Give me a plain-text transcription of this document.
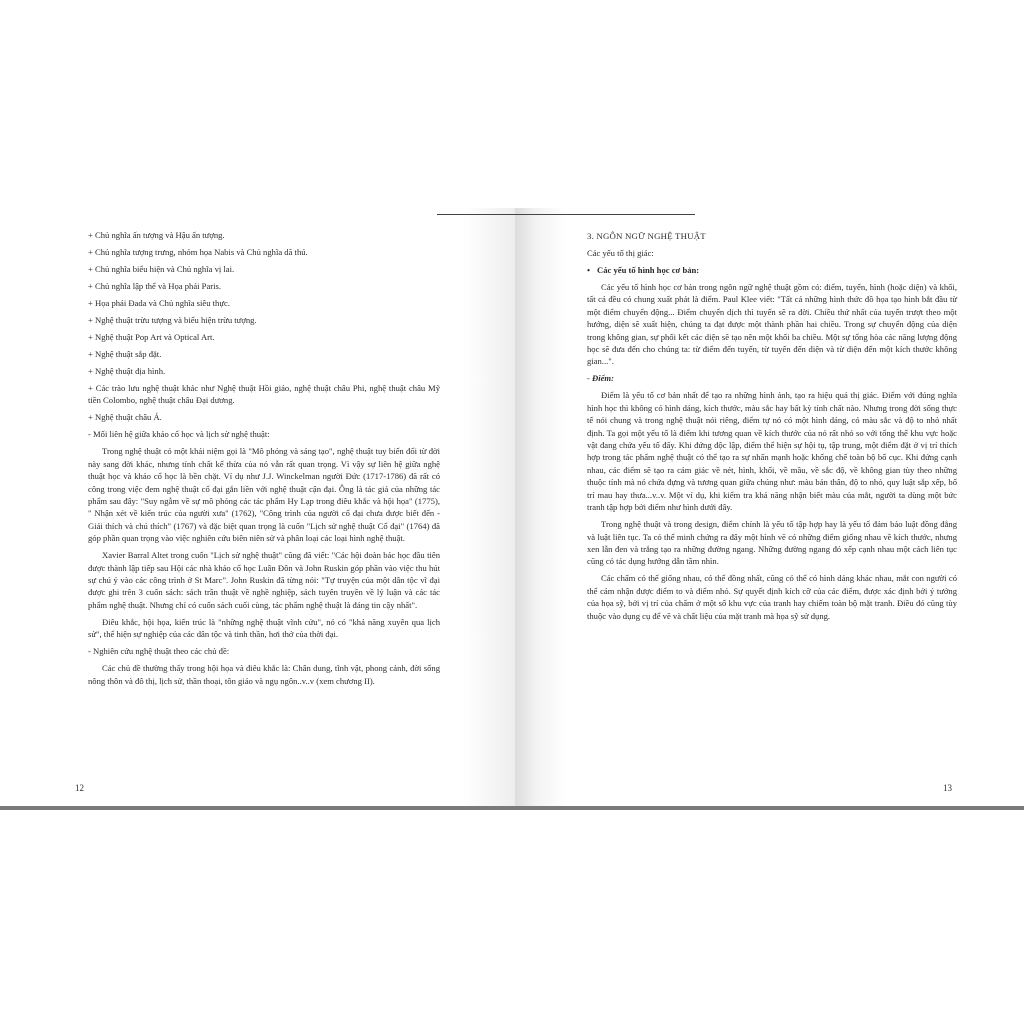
+ Chủ nghĩa ấn tượng và Hậu ấn tượng.

+ Chủ nghĩa tượng trưng, nhóm họa Nabis và Chủ nghĩa dã thú.

+ Chủ nghĩa biểu hiện và Chủ nghĩa vị lai.

+ Chủ nghĩa lập thể và Họa phái Paris.

+ Họa phái Đada và Chủ nghĩa siêu thực.

+ Nghệ thuật trừu tượng và biểu hiện trừu tượng.

+ Nghệ thuật Pop Art và Optical Art.

+ Nghệ thuật sắp đặt.

+ Nghệ thuật địa hình.

+ Các trào lưu nghệ thuật khác như Nghệ thuật Hồi giáo, nghệ thuật châu Phi, nghệ thuật châu Mỹ tiền Colombo, nghệ thuật châu Đại dương.

+ Nghệ thuật châu Á.

- Mối liên hệ giữa khảo cổ học và lịch sử nghệ thuật:

Trong nghệ thuật có một khái niệm gọi là "Mô phỏng và sáng tạo", nghệ thuật tuy biến đổi từ đời này sang đời khác, nhưng tính chất kế thừa của nó vẫn rất quan trọng. Vì vậy sự liên hệ giữa nghệ thuật học và khảo cổ học là bền chặt. Ví dụ như J.J. Winckelman người Đức (1717-1786) đã rất có công trong việc đem nghệ thuật cổ đại gắn liền với nghệ thuật cận đại. Ông là tác giả của những tác phẩm sau đây: "Suy ngẫm về sự mô phỏng các tác phẩm Hy Lạp trong điêu khắc và hội họa" (1775), " Nhận xét về kiến trúc của người xưa" (1762), "Công trình của người cổ đại chưa được biết đến - Giải thích và chú thích" (1767) và đặc biệt quan trọng là cuốn "Lịch sử nghệ thuật Cổ đại" (1764) đã góp phần quan trọng vào việc nghiên cứu biên niên sử và phân loại các loại hình nghệ thuật.

Xavier Barral Altet trong cuốn "Lịch sử nghệ thuật" cũng đã viết: "Các hội đoàn bác học đầu tiên được thành lập tiếp sau Hội các nhà khảo cổ học Luân Đôn và John Ruskin góp phần vào việc thu hút sự chú ý vào các công trình ở St Marc". John Ruskin đã từng nói: "Tự truyện của một dân tộc vĩ đại được ghi trên 3 cuốn sách: sách trần thuật về nghề nghiệp, sách tuyên truyền về lý luận và các tác phẩm nghệ thuật. Nhưng chỉ có cuốn sách cuối cùng, tác phẩm nghệ thuật là đáng tin cậy nhất".

Điêu khắc, hội họa, kiến trúc là "những nghệ thuật vĩnh cửu", nó có "khả năng xuyên qua lịch sử", thể hiện sự nghiệp của các dân tộc và tinh thần, hơi thở của thời đại.

- Nghiên cứu nghệ thuật theo các chủ đề:

Các chủ đề thường thấy trong hội họa và điêu khắc là: Chân dung, tĩnh vật, phong cảnh, đời sống nông thôn và đô thị, lịch sử, thần thoại, tôn giáo và ngụ ngôn..v..v (xem chương II).

12

3. NGÔN NGỮ NGHỆ THUẬT

Các yếu tố thị giác:

• Các yếu tố hình học cơ bản:

Các yếu tố hình học cơ bản trong ngôn ngữ nghệ thuật gồm có: điểm, tuyến, hình (hoặc diện) và khối, tất cả đều có chung xuất phát là điểm. Paul Klee viết: "Tất cả những hình thức đồ họa tạo hình bắt đầu từ một điểm chuyển động... Điểm chuyển dịch thì tuyến sẽ ra đời. Chiều thứ nhất của tuyến trượt theo một hướng, diện sẽ xuất hiện, chúng ta đạt được một thành phần hai chiều. Trong sự chuyển động của diện trong không gian, sự phối kết các diện sẽ tạo nên một khối ba chiều. Một sự tổng hòa các năng lượng động học sẽ đưa đến cho chúng ta: từ điểm đến tuyến, từ tuyến đến diện và từ diện đến một kích thước không gian...".

- Điểm:

Điểm là yếu tố cơ bản nhất để tạo ra những hình ảnh, tạo ra hiệu quả thị giác. Điểm với đúng nghĩa hình học thì không có hình dáng, kích thước, màu sắc hay bất kỳ tính chất nào. Nhưng trong đời sống thực tế nói chung và trong nghệ thuật nói riêng, điểm tự nó có một hình dáng, có màu sắc và độ to nhỏ nhất định. Ta gọi một yếu tố là điểm khi tương quan về kích thước của nó rất nhỏ so với tổng thể khu vực hoặc vật đang chứa yếu tố đấy. Khi đứng độc lập, điểm thể hiện sự hội tụ, tập trung, một điểm đặt ở vị trí thích hợp trong tác phẩm nghệ thuật có thể tạo ra sự nhấn mạnh hoặc khống chế toàn bộ bố cục. Khi đứng cạnh nhau, các điểm sẽ tạo ra cảm giác về nét, hình, khối, về mầu, về sắc độ, về không gian tùy theo những thuộc tính mà nó chứa đựng và tương quan giữa chúng như: màu bản thân, độ to nhỏ, quy luật sắp xếp, bố trí mau hay thưa...v..v. Một ví dụ, khi kiểm tra khả năng nhận biết màu của mắt, người ta dùng một bức tranh tập hợp bởi điểm như hình dưới đây.

Trong nghệ thuật và trong design, điểm chính là yếu tố tập hợp hay là yếu tố đảm bảo luật đồng đẳng và luật liên tục. Ta có thể minh chứng ra đây một hình vẽ có những điểm giống nhau về kích thước, nhưng xen lẫn đen và trắng tạo ra những đường ngang. Những đường ngang đó xếp cạnh nhau một cách liên tục cũng có tác dụng hướng dẫn tầm nhìn.

Các chấm có thể giống nhau, có thể đồng nhất, cũng có thể có hình dáng khác nhau, mắt con người có thể cảm nhận được điểm to và điểm nhỏ. Sự quyết định kích cỡ của các điểm, được xác định bởi ý tưởng của họa sỹ, bởi vị trí của chấm ở một số khu vực của tranh hay chiếm toàn bộ mặt tranh. Điều đó cũng tùy thuộc vào dụng cụ để vẽ và chất liệu của mặt tranh mà họa sỹ sử dụng.

13
